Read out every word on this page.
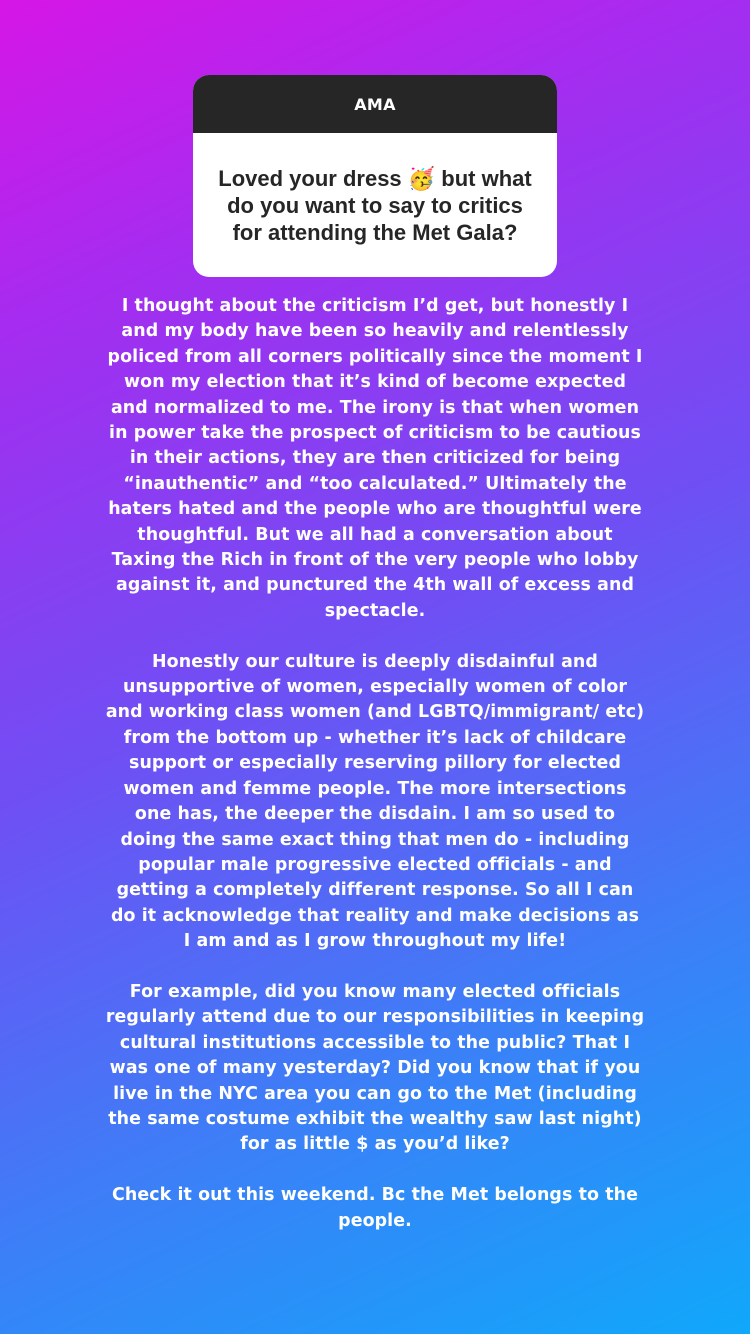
AMA
Loved your dress 🥳 but what do you want to say to critics for attending the Met Gala?

I thought about the criticism I’d get, but honestly I and my body have been so heavily and relentlessly policed from all corners politically since the moment I won my election that it’s kind of become expected and normalized to me. The irony is that when women in power take the prospect of criticism to be cautious in their actions, they are then criticized for being “inauthentic” and “too calculated.” Ultimately the haters hated and the people who are thoughtful were thoughtful. But we all had a conversation about Taxing the Rich in front of the very people who lobby against it, and punctured the 4th wall of excess and spectacle.

Honestly our culture is deeply disdainful and unsupportive of women, especially women of color and working class women (and LGBTQ/immigrant/ etc) from the bottom up - whether it’s lack of childcare support or especially reserving pillory for elected women and femme people. The more intersections one has, the deeper the disdain. I am so used to doing the same exact thing that men do - including popular male progressive elected officials - and getting a completely different response. So all I can do it acknowledge that reality and make decisions as I am and as I grow throughout my life!

For example, did you know many elected officials regularly attend due to our responsibilities in keeping cultural institutions accessible to the public? That I was one of many yesterday? Did you know that if you live in the NYC area you can go to the Met (including the same costume exhibit the wealthy saw last night) for as little $ as you’d like?

Check it out this weekend. Bc the Met belongs to the people.
